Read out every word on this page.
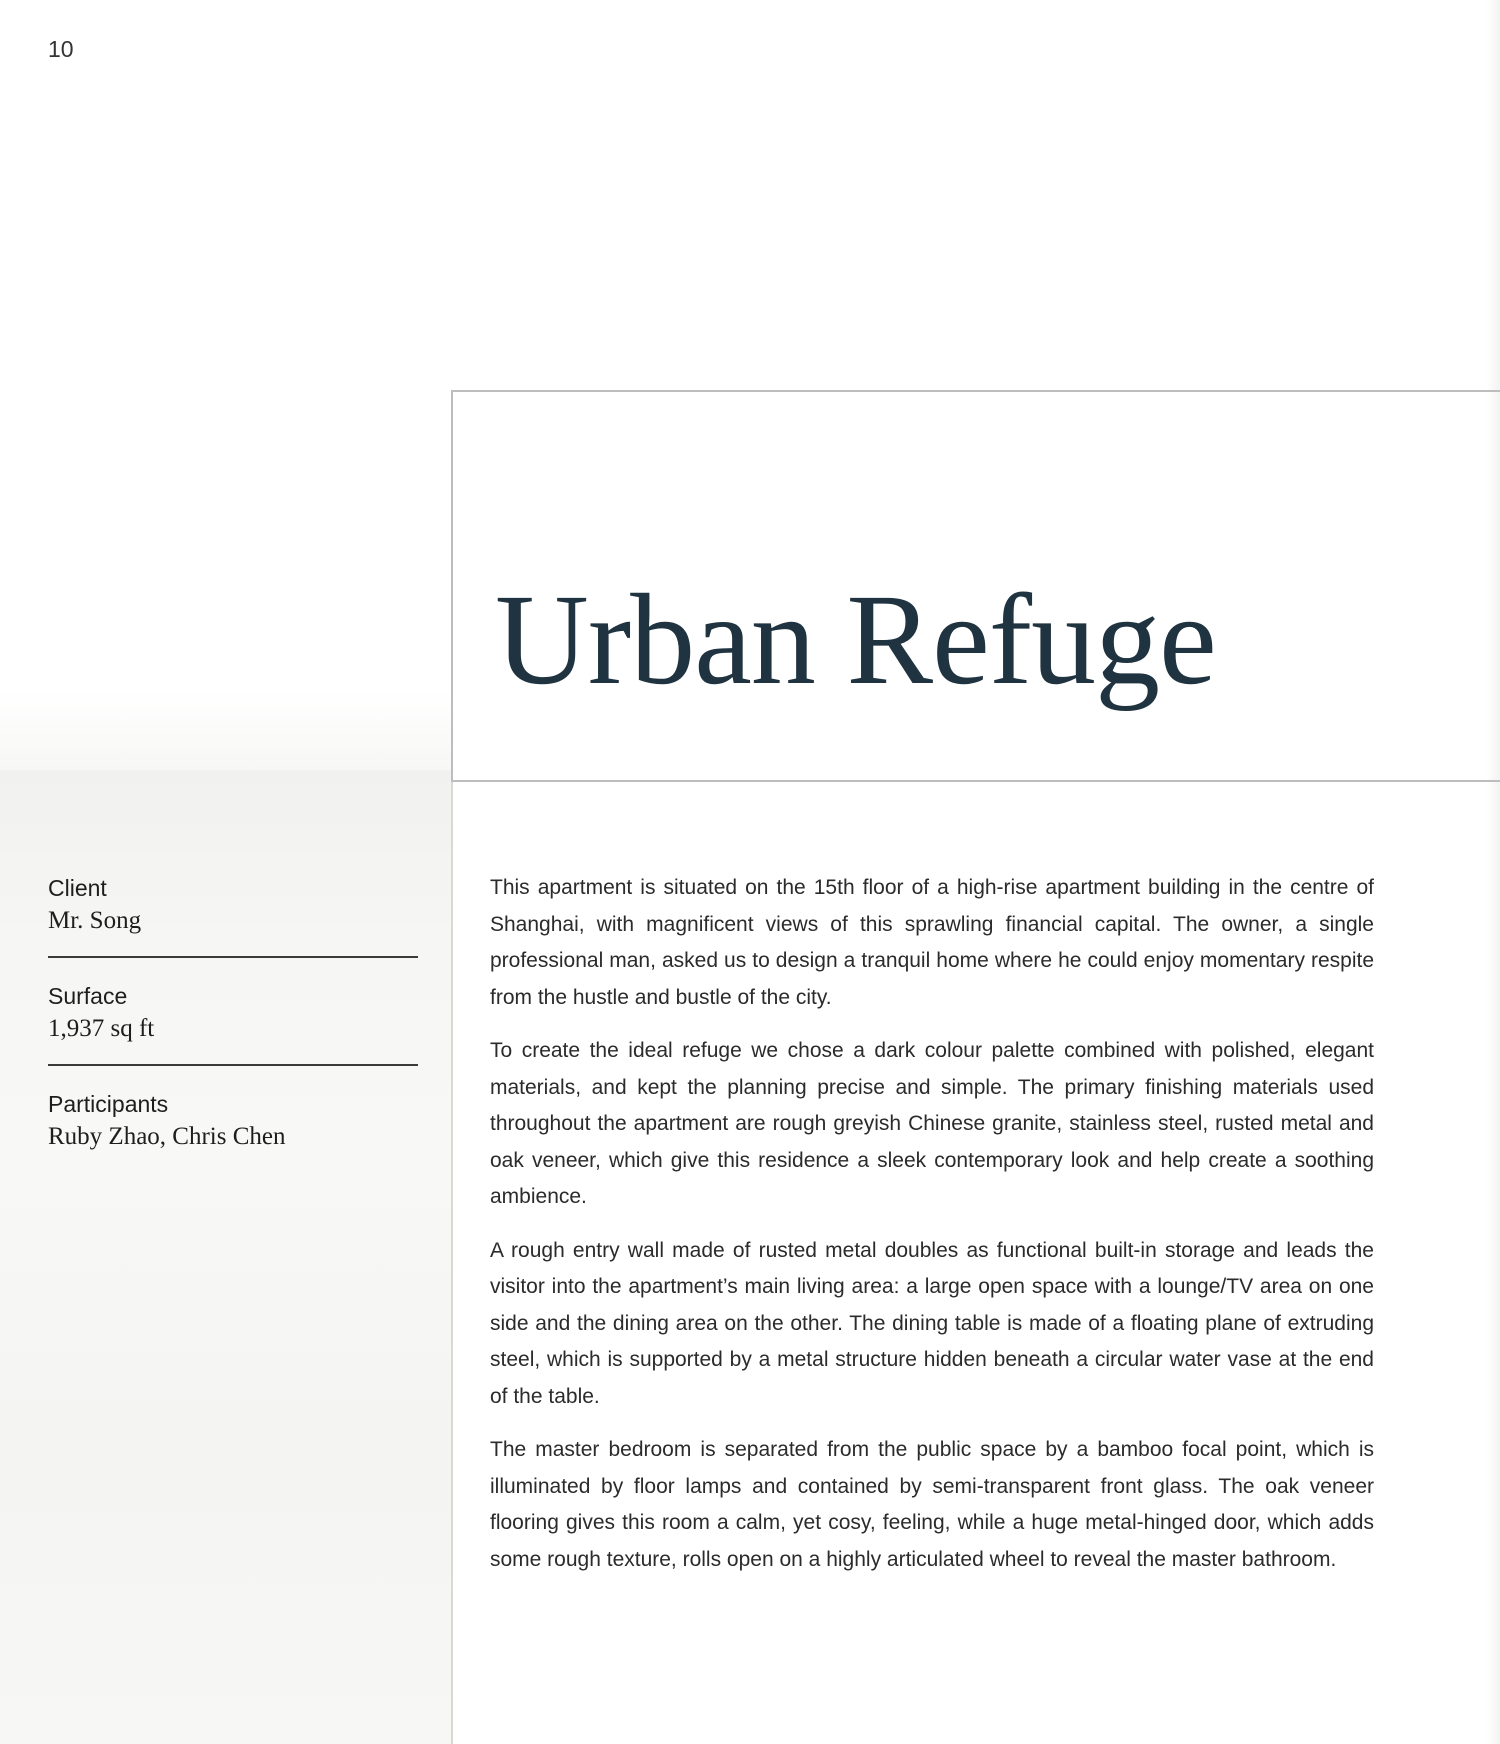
10
Urban Refuge
Client
Mr. Song
Surface
1,937 sq ft
Participants
Ruby Zhao, Chris Chen

This apartment is situated on the 15th floor of a high-rise apartment building in the centre of Shanghai, with magnificent views of this sprawling financial capital. The owner, a single professional man, asked us to design a tranquil home where he could enjoy momentary respite from the hustle and bustle of the city.

To create the ideal refuge we chose a dark colour palette combined with polished, elegant materials, and kept the planning precise and simple. The primary finishing materials used throughout the apartment are rough greyish Chinese granite, stainless steel, rusted metal and oak veneer, which give this residence a sleek contemporary look and help create a soothing ambience.

A rough entry wall made of rusted metal doubles as functional built-in storage and leads the visitor into the apartment’s main living area: a large open space with a lounge/TV area on one side and the dining area on the other. The dining table is made of a floating plane of extruding steel, which is supported by a metal structure hidden beneath a circular water vase at the end of the table.

The master bedroom is separated from the public space by a bamboo focal point, which is illuminated by floor lamps and contained by semi-transparent front glass. The oak veneer flooring gives this room a calm, yet cosy, feeling, while a huge metal-hinged door, which adds some rough texture, rolls open on a highly articulated wheel to reveal the master bathroom.
